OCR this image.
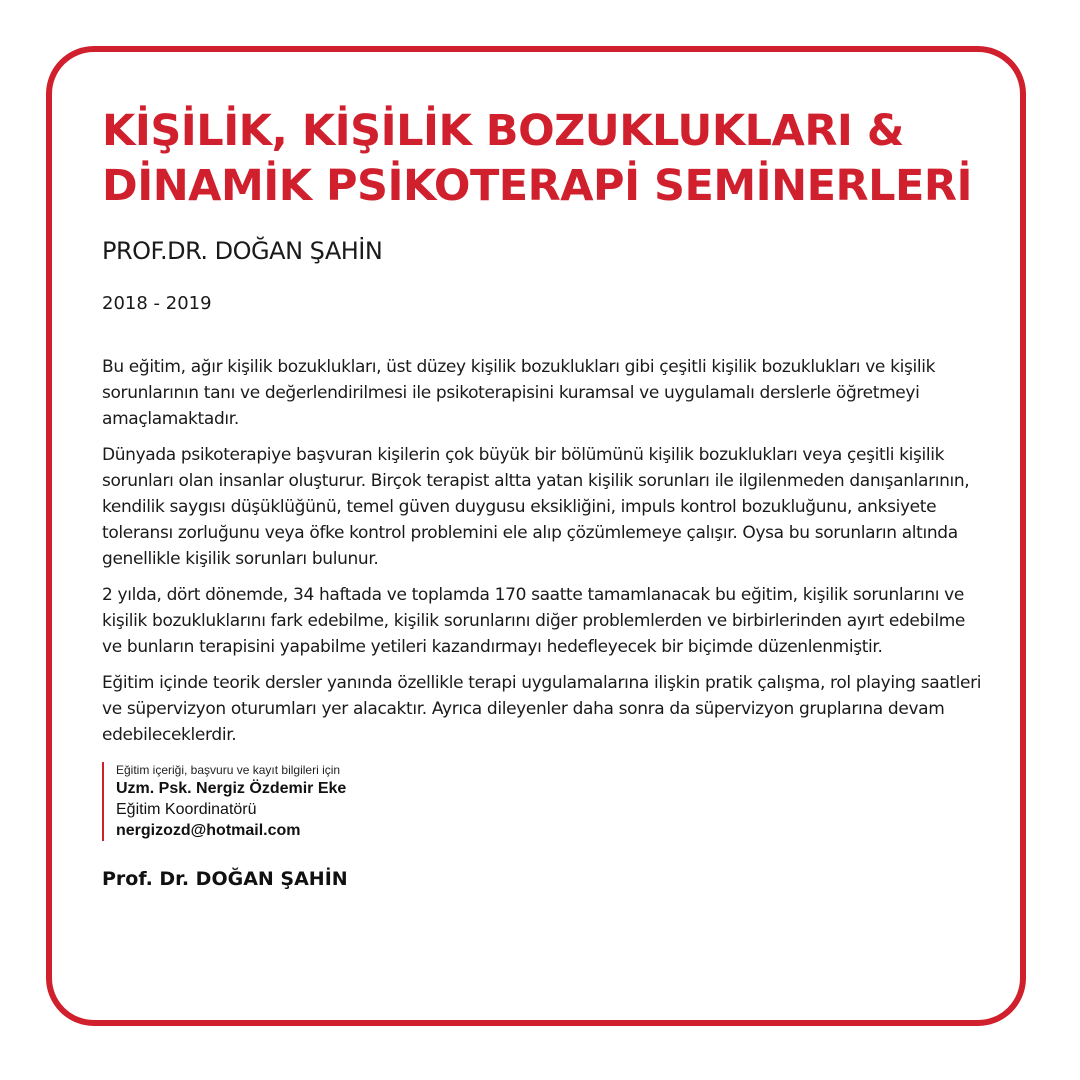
KİŞİLİK, KİŞİLİK BOZUKLUKLARI &
DİNAMİK PSİKOTERAPİ SEMİNERLERİ
PROF.DR. DOĞAN ŞAHİN
2018 - 2019

Bu eğitim, ağır kişilik bozuklukları, üst düzey kişilik bozuklukları gibi çeşitli kişilik bozuklukları ve kişilik sorunlarının tanı ve değerlendirilmesi ile psikoterapisini kuramsal ve uygulamalı derslerle öğretmeyi amaçlamaktadır.

Dünyada psikoterapiye başvuran kişilerin çok büyük bir bölümünü kişilik bozuklukları veya çeşitli kişilik sorunları olan insanlar oluşturur. Birçok terapist altta yatan kişilik sorunları ile ilgilenmeden danışanlarının, kendilik saygısı düşüklüğünü, temel güven duygusu eksikliğini, impuls kontrol bozukluğunu, anksiyete toleransı zorluğunu veya öfke kontrol problemini ele alıp çözümlemeye çalışır. Oysa bu sorunların altında genellikle kişilik sorunları bulunur.

2 yılda, dört dönemde, 34 haftada ve toplamda 170 saatte tamamlanacak bu eğitim, kişilik sorunlarını ve kişilik bozukluklarını fark edebilme, kişilik sorunlarını diğer problemlerden ve birbirlerinden ayırt edebilme ve bunların terapisini yapabilme yetileri kazandırmayı hedefleyecek bir biçimde düzenlenmiştir.

Eğitim içinde teorik dersler yanında özellikle terapi uygulamalarına ilişkin pratik çalışma, rol playing saatleri ve süpervizyon oturumları yer alacaktır. Ayrıca dileyenler daha sonra da süpervizyon gruplarına devam edebileceklerdir.

Eğitim içeriği, başvuru ve kayıt bilgileri için
Uzm. Psk. Nergiz Özdemir Eke
Eğitim Koordinatörü
nergizozd@hotmail.com
Prof. Dr. DOĞAN ŞAHİN
